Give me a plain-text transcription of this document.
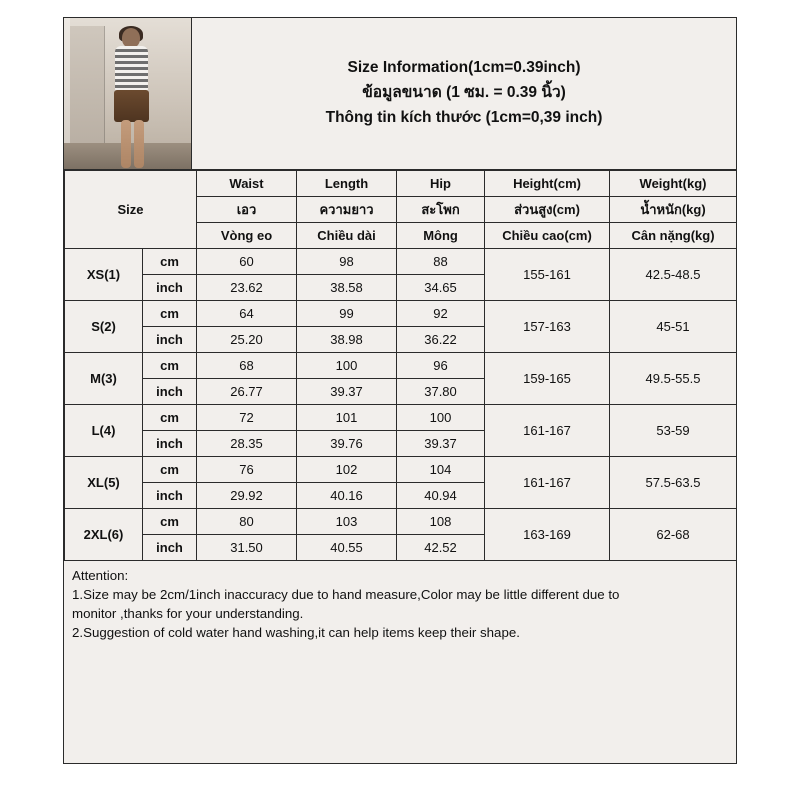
Size Information(1cm=0.39inch)
ข้อมูลขนาด (1 ซม. = 0.39 นิ้ว)
Thông tin kích thước (1cm=0,39 inch)
Size		Waist	Length	Hip	Height(cm)	Weight(kg)
		เอว	ความยาว	สะโพก	ส่วนสูง(cm)	น้ำหนัก(kg)
		Vòng eo	Chiều dài	Mông	Chiều cao(cm)	Cân nặng(kg)
XS(1)	cm	60	98	88	155-161	42.5-48.5
	inch	23.62	38.58	34.65		
S(2)	cm	64	99	92	157-163	45-51
	inch	25.20	38.98	36.22		
M(3)	cm	68	100	96	159-165	49.5-55.5
	inch	26.77	39.37	37.80		
L(4)	cm	72	101	100	161-167	53-59
	inch	28.35	39.76	39.37		
XL(5)	cm	76	102	104	161-167	57.5-63.5
	inch	29.92	40.16	40.94		
2XL(6)	cm	80	103	108	163-169	62-68
	inch	31.50	40.55	42.52		

Attention:

1.Size may be 2cm/1inch inaccuracy due to hand measure,Color may be little different due to

monitor ,thanks for your understanding.

2.Suggestion of cold water hand washing,it can help items keep their shape.
